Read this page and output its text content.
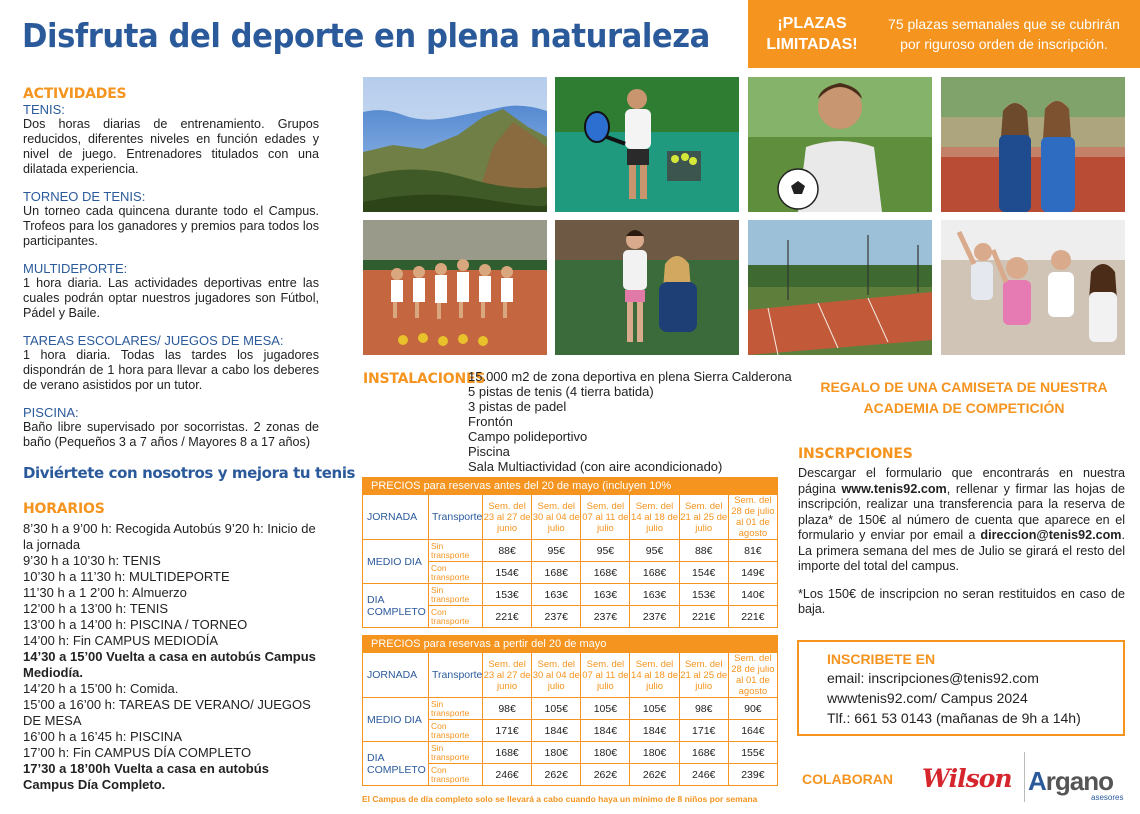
Disfruta del deporte en plena naturaleza	¡PLAZAS LIMITADAS!
75 plazas semanales que se cubrirán por riguroso orden de inscripción.
ACTIVIDADES
TENIS:
Dos horas diarias de entrenamiento. Grupos reducidos, diferentes niveles en función edades y nivel de juego. Entrenadores titulados con una dilatada experiencia.
TORNEO DE TENIS:
Un torneo cada quincena durante todo el Campus. Trofeos para los ganadores y premios para todos los participantes.
MULTIDEPORTE:
1 hora diaria. Las actividades deportivas entre las cuales podrán optar nuestros jugadores son Fútbol, Pádel y Baile.
TAREAS ESCOLARES/ JUEGOS DE MESA:
1 hora diaria. Todas las tardes los jugadores dispondrán de 1 hora para llevar a cabo los deberes de verano asistidos por un tutor.
PISCINA:
Baño libre supervisado por socorristas. 2 zonas de baño (Pequeños 3 a 7 años / Mayores 8 a 17 años)
Diviértete con nosotros y mejora tu tenis
HORARIOS
8’30 h a 9’00 h: Recogida Autobús 9’20 h: Inicio de la jornada
9’30 h a 10’30 h: TENIS
10’30 h a 11’30 h: MULTIDEPORTE
11’30 h a 1 2’00 h: Almuerzo
12’00 h a 13’00 h: TENIS
13’00 h a 14’00 h: PISCINA / TORNEO
14’00 h: Fin CAMPUS MEDIODÍA
14’30 a 15’00 Vuelta a casa en autobús Campus Mediodía.
14’20 h a 15’00 h: Comida.
15’00 a 16’00 h: TAREAS DE VERANO/ JUEGOS DE MESA
16’00 h a 16’45 h: PISCINA
17’00 h: Fin CAMPUS DÍA COMPLETO
17’30 a 18’00h Vuelta a casa en autobús Campus Día Completo.
INSTALACIONES
15.000 m2 de zona deportiva en plena Sierra Calderona
5 pistas de tenis (4 tierra batida)
3 pistas de padel
Frontón
Campo polideportivo
Piscina
Sala Multiactividad (con aire acondicionado)
PRECIOS para reservas antes del 20 de mayo (incluyen 10%							
JORNADA	Transporte	Sem. del 23 al 27 de junio	Sem. del 30 al 04 de julio	Sem. del 07 al 11 de julio	Sem. del 14 al 18 de julio	Sem. del 21 al 25 de julio	Sem. del 28 de julio al 01 de agosto
MEDIO DIA	Sin transporte	88€	95€	95€	95€	88€	81€
	Con transporte	154€	168€	168€	168€	154€	149€
DIA COMPLETO	Sin transporte	153€	163€	163€	163€	153€	140€
	Con transporte	221€	237€	237€	237€	221€	221€
PRECIOS para reservas a pertir del 20 de mayo							
JORNADA	Transporte	Sem. del 23 al 27 de junio	Sem. del 30 al 04 de julio	Sem. del 07 al 11 de julio	Sem. del 14 al 18 de julio	Sem. del 21 al 25 de julio	Sem. del 28 de julio al 01 de agosto
MEDIO DIA	Sin transporte	98€	105€	105€	105€	98€	90€
	Con transporte	171€	184€	184€	184€	171€	164€
DIA COMPLETO	Sin transporte	168€	180€	180€	180€	168€	155€
	Con transporte	246€	262€	262€	262€	246€	239€
El Campus de día completo solo se llevará a cabo cuando haya un mínimo de 8 niños por semana
REGALO DE UNA CAMISETA DE NUESTRA ACADEMIA DE COMPETICIÓN
INSCRPCIONES
Descargar el formulario que encontrarás en nuestra página www.tenis92.com, rellenar y firmar las hojas de inscripción, realizar una transferencia para la reserva de plaza* de 150€ al número de cuenta que aparece en el formulario y enviar por email a direccion@tenis92.com. La primera semana del mes de Julio se girará el resto del importe del total del campus.
*Los 150€ de inscripcion no seran restituidos en caso de baja.
INSCRIBETE EN
email: inscripciones@tenis92.com
wwwtenis92.com/ Campus 2024
Tlf.: 661 53 0143 (mañanas de 9h a 14h)
COLABORAN Wilson Argano
asesores
